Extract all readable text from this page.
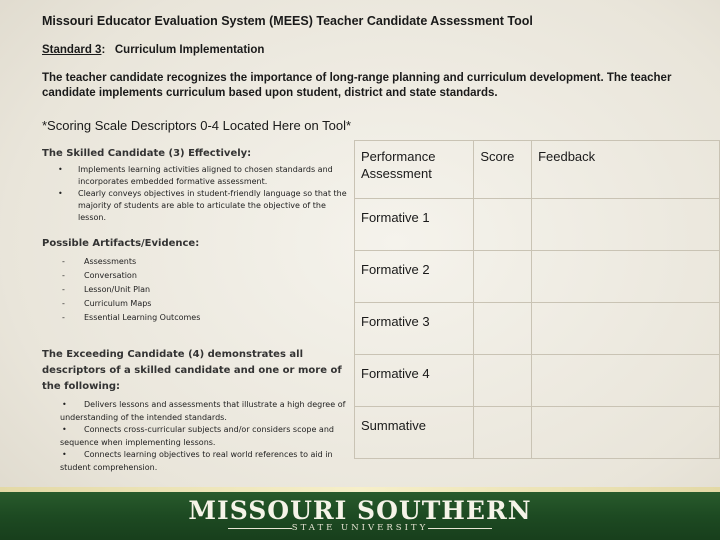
Missouri Educator Evaluation System (MEES) Teacher Candidate Assessment Tool
Standard 3: Curriculum Implementation
The teacher candidate recognizes the importance of long-range planning and curriculum development. The teacher candidate implements curriculum based upon student, district and state standards.
*Scoring Scale Descriptors 0-4 Located Here on Tool*
The Skilled Candidate (3) Effectively:
• Implements learning activities aligned to chosen standards and incorporates embedded formative assessment.
• Clearly conveys objectives in student-friendly language so that the majority of students are able to articulate the objective of the lesson.
Possible Artifacts/Evidence:
- Assessments
- Conversation
- Lesson/Unit Plan
- Curriculum Maps
- Essential Learning Outcomes
The Exceeding Candidate (4) demonstrates all descriptors of a skilled candidate and one or more of the following:
• Delivers lessons and assessments that illustrate a high degree of understanding of the intended standards.
• Connects cross-curricular subjects and/or considers scope and sequence when implementing lessons.
• Connects learning objectives to real world references to aid in student comprehension.
Performance Assessment	Score	Feedback

Formative 1		

Formative 2		

Formative 3		

Formative 4		

Summative		

MISSOURI SOUTHERN
STATE UNIVERSITY
